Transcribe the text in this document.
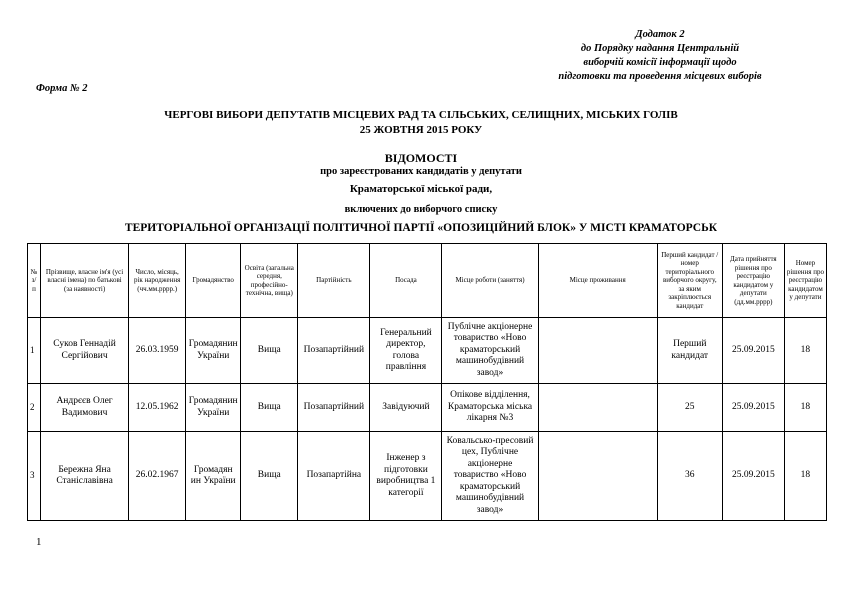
Додаток 2
до Порядку надання Центральній
виборчій комісії інформації щодо
підготовки та проведення місцевих виборів
Форма № 2
ЧЕРГОВІ ВИБОРИ ДЕПУТАТІВ МІСЦЕВИХ РАД ТА СІЛЬСЬКИХ, СЕЛИЩНИХ, МІСЬКИХ ГОЛІВ
25 ЖОВТНЯ 2015 РОКУ
ВІДОМОСТІ
про зареєстрованих кандидатів у депутати
Краматорської міської ради,
включених до виборчого списку
ТЕРИТОРІАЛЬНОЇ ОРГАНІЗАЦІЇ ПОЛІТИЧНОЇ ПАРТІЇ «ОПОЗИЦІЙНИЙ БЛОК» У МІСТІ КРАМАТОРСЬК
№ з/п	Прізвище, власне ім'я (усі власні імена) по батькові (за наявності)	Число, місяць, рік народження (чч.мм.рррр.)	Громадянство	Освіта (загальна середня, професійно-технічна, вища)	Партійність	Посада	Місце роботи (заняття)	Місце проживання	Перший кандидат / номер територіального виборчого округу, за яким закріплюється кандидат	Дата прийняття рішення про реєстрацію кандидатом у депутати (дд.мм.рррр)	Номер рішення про реєстрацію кандидатом у депутати
1	Суков Геннадій Сергійович	26.03.1959	Громадянин України	Вища	Позапартійний	Генеральний директор, голова правління	Публічне акціонерне товариство «Ново краматорський машинобудівний завод»		Перший кандидат	25.09.2015	18
2	Андрєєв Олег Вадимович	12.05.1962	Громадянин України	Вища	Позапартійний	Завідуючий	Опікове відділення, Краматорська міська лікарня №3		25	25.09.2015	18
3	Бережна Яна Станіславівна	26.02.1967	Громадян ин України	Вища	Позапартійна	Інженер з підготовки виробництва 1 категорії	Ковальсько-пресовий цех, Публічне акціонерне товариство «Ново краматорський машинобудівний завод»		36	25.09.2015	18
1
